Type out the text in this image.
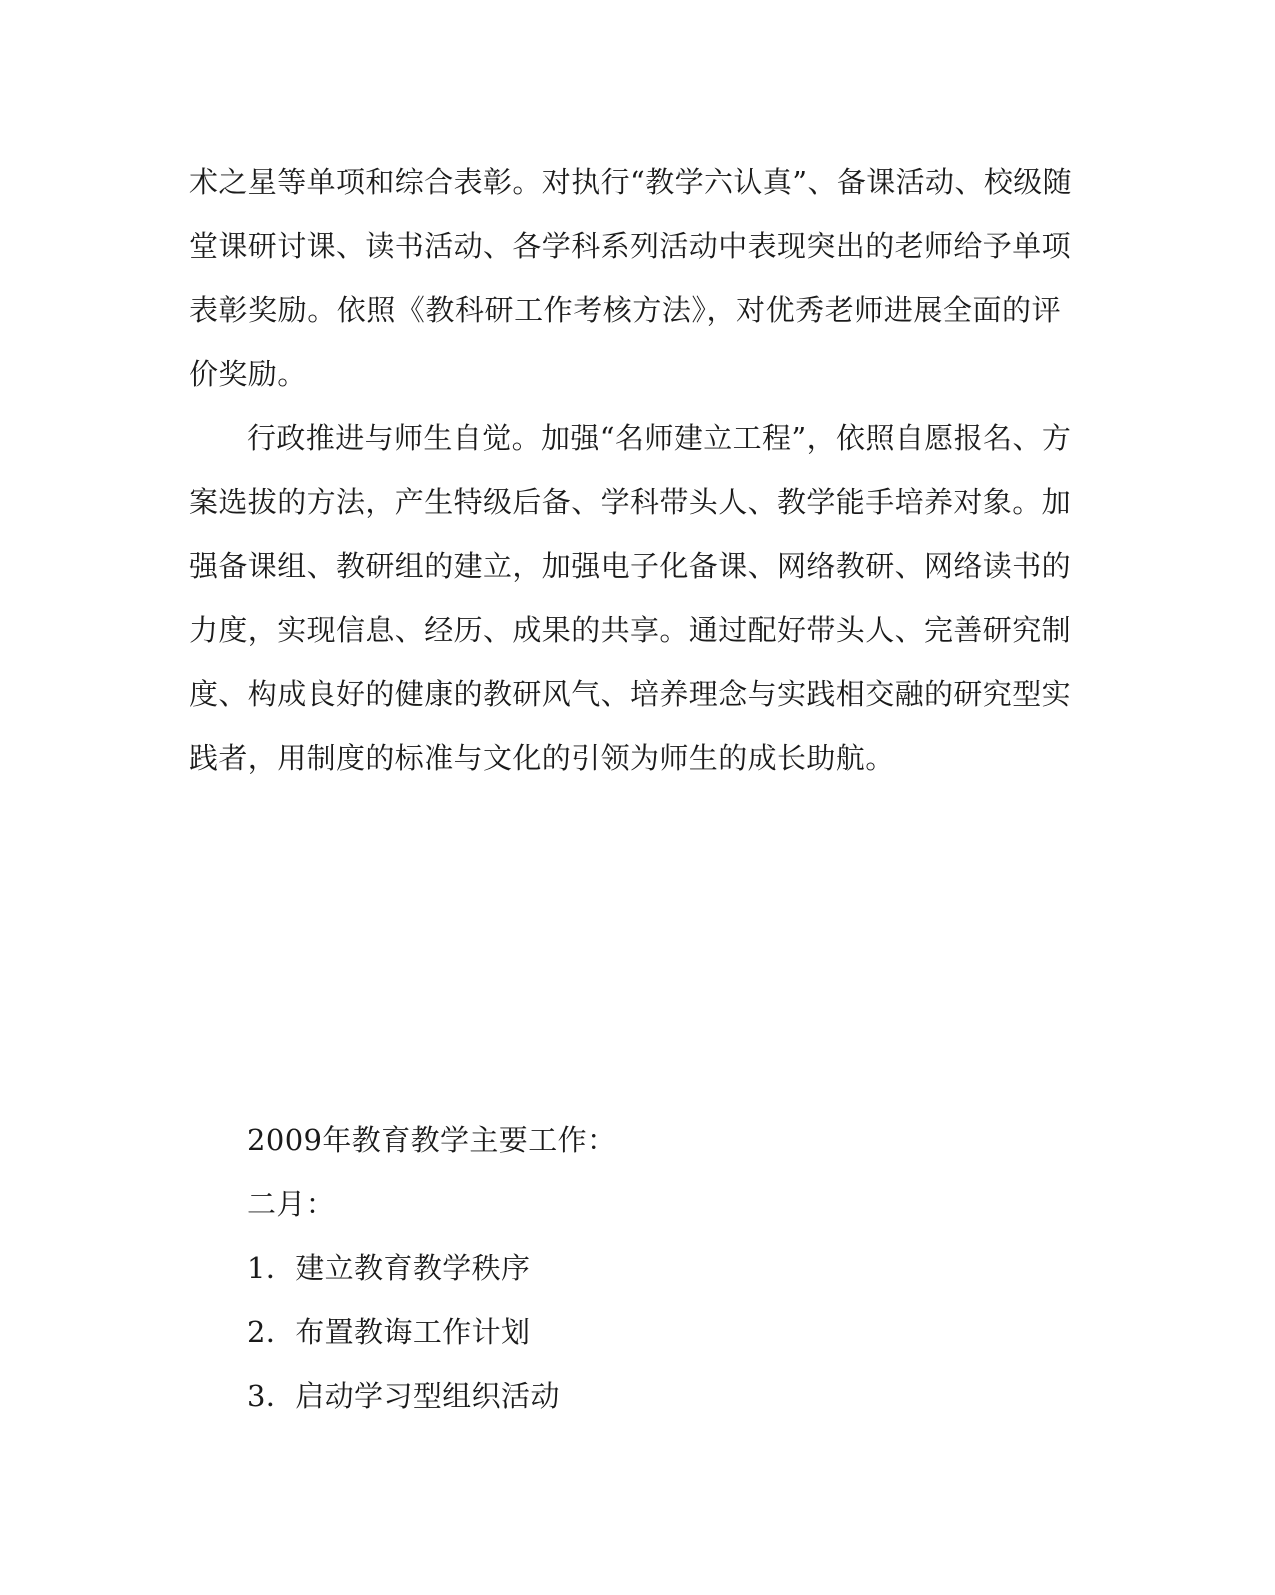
术之星等单项和综合表彰。对执行“教学六认真”、备课活动、校级随
堂课研讨课、读书活动、各学科系列活动中表现突出的老师给予单项
表彰奖励。依照《教科研工作考核方法》，对优秀老师进展全面的评
价奖励。
行政推进与师生自觉。加强“名师建立工程”，依照自愿报名、方
案选拔的方法，产生特级后备、学科带头人、教学能手培养对象。加
强备课组、教研组的建立，加强电子化备课、网络教研、网络读书的
力度，实现信息、经历、成果的共享。通过配好带头人、完善研究制
度、构成良好的健康的教研风气、培养理念与实践相交融的研究型实
践者，用制度的标准与文化的引领为师生的成长助航。
2009年教育教学主要工作：
二月：
1．建立教育教学秩序
2．布置教诲工作计划
3．启动学习型组织活动
